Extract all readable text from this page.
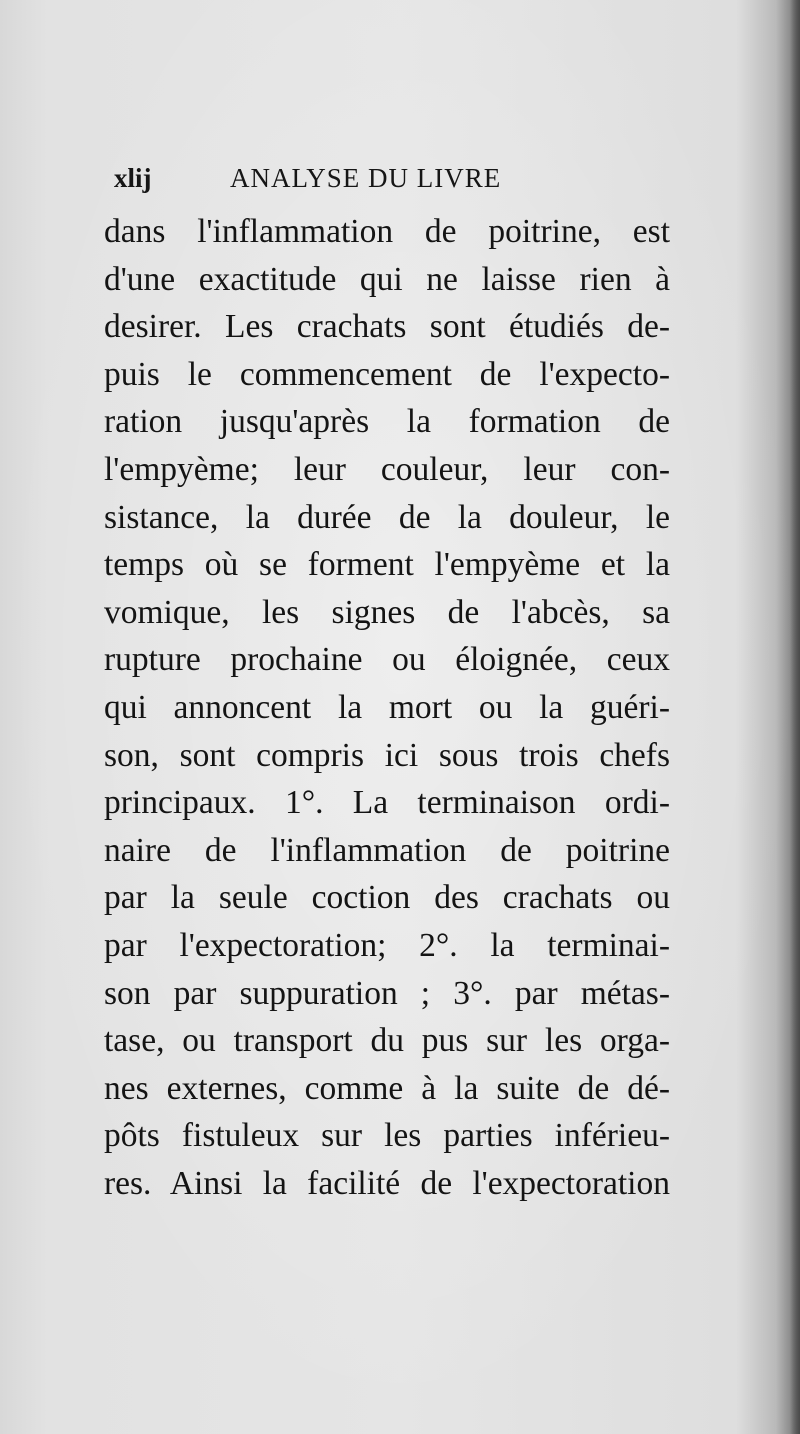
xlij	ANALYSE DU LIVRE
dans l'inflammation de poitrine, est
d'une exactitude qui ne laisse rien à
desirer. Les crachats sont étudiés de-
puis le commencement de l'expecto-
ration jusqu'après la formation de
l'empyème; leur couleur, leur con-
sistance, la durée de la douleur, le
temps où se forment l'empyème et la
vomique, les signes de l'abcès, sa
rupture prochaine ou éloignée, ceux
qui annoncent la mort ou la guéri-
son, sont compris ici sous trois chefs
principaux. 1°. La terminaison ordi-
naire de l'inflammation de poitrine
par la seule coction des crachats ou
par l'expectoration; 2°. la terminai-
son par suppuration ; 3°. par métas-
tase, ou transport du pus sur les orga-
nes externes, comme à la suite de dé-
pôts fistuleux sur les parties inférieu-
res. Ainsi la facilité de l'expectoration
